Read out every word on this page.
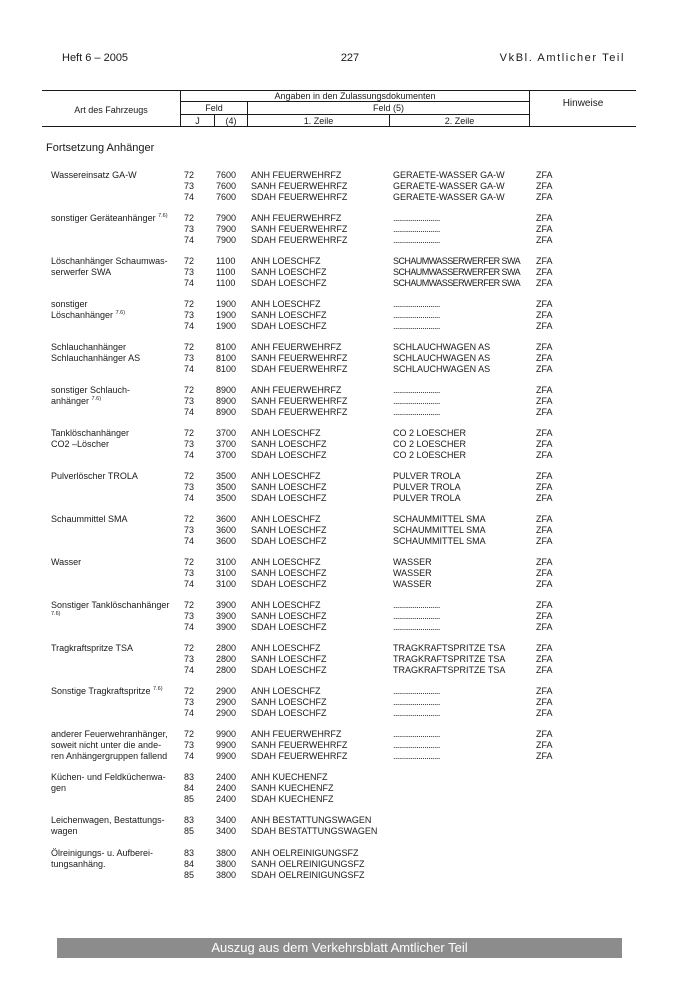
Heft 6 – 2005	227	VkBl. Amtlicher Teil
Art des Fahrzeugs
Angaben in den Zulassungsdokumenten
Feld	Feld (5)
J	(4)	1. Zeile	2. Zeile
Hinweise
Fortsetzung Anhänger
Wassereinsatz GA-W	72 7600 ANH FEUERWEHRFZ	GERAETE-WASSER GA-W	ZFA
73 7600 SANH FEUERWEHRFZ	GERAETE-WASSER GA-W	ZFA
74 7600 SDAH FEUERWEHRFZ	GERAETE-WASSER GA-W	ZFA
sonstiger Geräteanhänger $^{7.6)}$ 72 7900 ANH FEUERWEHRFZ	........................	ZFA
73 7900 SANH FEUERWEHRFZ	........................	ZFA
74 7900 SDAH FEUERWEHRFZ	........................	ZFA
Löschanhänger Schaumwas-
serwerfer SWA
72 1100 ANH LOESCHFZ	SCHAUMWASSERWERFER SWA ZFA
73 1100 SANH LOESCHFZ	SCHAUMWASSERWERFER SWA ZFA
74 1100 SDAH LOESCHFZ	SCHAUMWASSERWERFER SWA ZFA
sonstiger
Löschanhänger $^{7.6)}$
72 1900 ANH LOESCHFZ	........................	ZFA
73 1900 SANH LOESCHFZ	........................	ZFA
74 1900 SDAH LOESCHFZ	........................	ZFA
Schlauchanhänger
Schlauchanhänger AS
72 8100 ANH FEUERWEHRFZ	SCHLAUCHWAGEN AS	ZFA
73 8100 SANH FEUERWEHRFZ	SCHLAUCHWAGEN AS	ZFA
74 8100 SDAH FEUERWEHRFZ	SCHLAUCHWAGEN AS	ZFA
sonstiger Schlauch-
anhänger $^{7.6)}$
72 8900 ANH FEUERWEHRFZ	........................	ZFA
73 8900 SANH FEUERWEHRFZ	........................	ZFA
74 8900 SDAH FEUERWEHRFZ	........................	ZFA
Tanklöschanhänger
CO2 –Löscher
72 3700 ANH LOESCHFZ	CO 2 LOESCHER	ZFA
73 3700 SANH LOESCHFZ	CO 2 LOESCHER	ZFA
74 3700 SDAH LOESCHFZ	CO 2 LOESCHER	ZFA
Pulverlöscher TROLA	72 3500 ANH LOESCHFZ	PULVER TROLA	ZFA
73 3500 SANH LOESCHFZ	PULVER TROLA	ZFA
74 3500 SDAH LOESCHFZ	PULVER TROLA	ZFA
Schaummittel SMA	72 3600 ANH LOESCHFZ	SCHAUMMITTEL SMA	ZFA
73 3600 SANH LOESCHFZ	SCHAUMMITTEL SMA	ZFA
74 3600 SDAH LOESCHFZ	SCHAUMMITTEL SMA	ZFA
Wasser	72 3100 ANH LOESCHFZ	WASSER	ZFA
73 3100 SANH LOESCHFZ	WASSER	ZFA
74 3100 SDAH LOESCHFZ	WASSER	ZFA
Sonstiger Tanklöschanhänger
$^{7.6)}$
72 3900 ANH LOESCHFZ	........................	ZFA
73 3900 SANH LOESCHFZ	........................	ZFA
74 3900 SDAH LOESCHFZ	........................	ZFA
Tragkraftspritze TSA	72 2800 ANH LOESCHFZ	TRAGKRAFTSPRITZE TSA	ZFA
73 2800 SANH LOESCHFZ	TRAGKRAFTSPRITZE TSA	ZFA
74 2800 SDAH LOESCHFZ	TRAGKRAFTSPRITZE TSA	ZFA
Sonstige Tragkraftspritze $^{7.6)}$ 72 2900 ANH LOESCHFZ	........................	ZFA
73 2900 SANH LOESCHFZ	........................	ZFA
74 2900 SDAH LOESCHFZ	........................	ZFA
anderer Feuerwehranhänger,
soweit nicht unter die ande-
ren Anhängergruppen fallend
72 9900 ANH FEUERWEHRFZ	........................	ZFA
73 9900 SANH FEUERWEHRFZ	........................	ZFA
74 9900 SDAH FEUERWEHRFZ	........................	ZFA
Küchen- und Feldküchenwa-
gen
83 2400 ANH KUECHENFZ
84 2400 SANH KUECHENFZ
85 2400 SDAH KUECHENFZ
Leichenwagen, Bestattungs-
wagen
83 3400 ANH BESTATTUNGSWAGEN
85 3400 SDAH BESTATTUNGSWAGEN
Ölreinigungs- u. Aufberei-
tungsanhäng.
83 3800 ANH OELREINIGUNGSFZ
84 3800 SANH OELREINIGUNGSFZ
85 3800 SDAH OELREINIGUNGSFZ
Auszug aus dem Verkehrsblatt Amtlicher Teil
